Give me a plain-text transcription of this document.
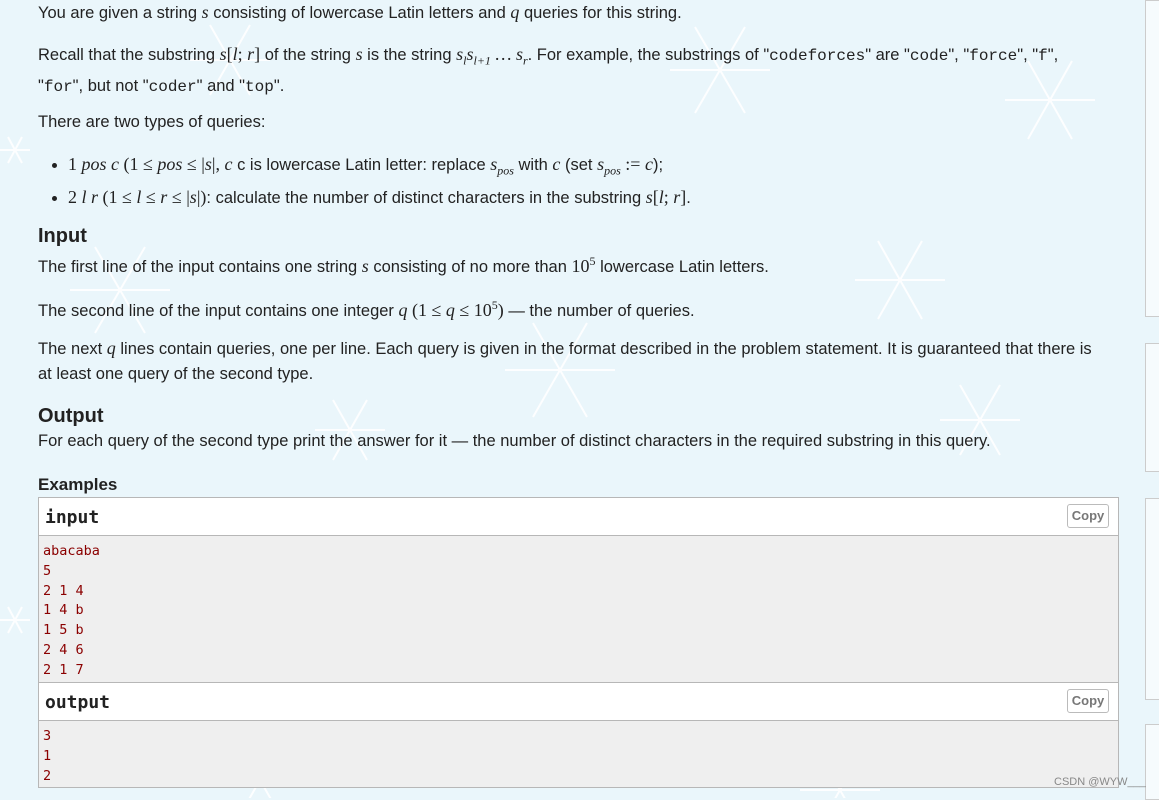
You are given a string s consisting of lowercase Latin letters and q queries for this string.

Recall that the substring s[l; r] of the string s is the string $s_ls_{l+1}$ … $s_r$. For example, the substrings of "codeforces" are "code", "force", "f", "for", but not "coder" and "top".

There are two types of queries:

• 1 pos c (1 ≤ pos ≤ |s|, c c is lowercase Latin letter: replace $s_{pos}$ with c (set $s_{pos}$ := c);
• 2 l r (1 ≤ l ≤ r ≤ |s|): calculate the number of distinct characters in the substring s[l; r].
Input

The first line of the input contains one string s consisting of no more than $10^5$ lowercase Latin letters.

The second line of the input contains one integer q $(1 \le q \le 10^5)$ — the number of queries.

The next q lines contain queries, one per line. Each query is given in the format described in the problem statement. It is guaranteed that there is at least one query of the second type.

Output

For each query of the second type print the answer for it — the number of distinct characters in the required substring in this query.

Examples

input	Copy
abacaba
5
2 1 4
1 4 b
1 5 b
2 4 6
2 1 7
output	Copy
3
1
2	CSDN @WYW___
